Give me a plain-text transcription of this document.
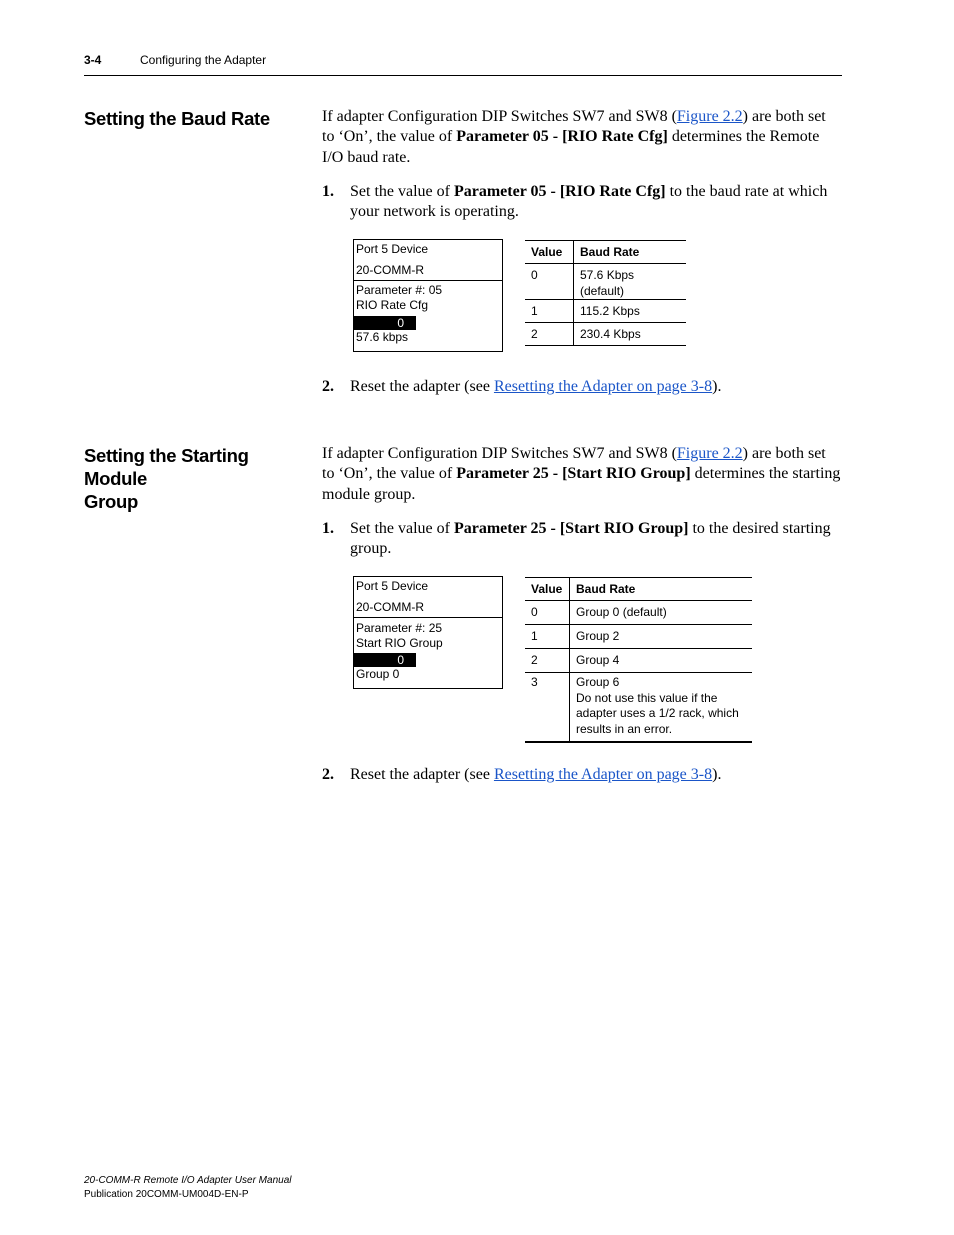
3-4	Configuring the Adapter
Setting the Baud Rate	If adapter Configuration DIP Switches SW7 and SW8 (Figure 2.2) are both set to ‘On’, the value of Parameter 05 - [RIO Rate Cfg] determines the Remote I/O baud rate.

1. Set the value of Parameter 05 - [RIO Rate Cfg] to the baud rate at which your network is operating.
Port 5 Device
20-COMM-R
Parameter #: 05
RIO Rate Cfg
0
57.6 kbps
Value	Baud Rate
0	57.6 Kbps (default)
1	115.2 Kbps
2	230.4 Kbps
2. Reset the adapter (see Resetting the Adapter on page 3-8).
Setting the Starting Module
Group

If adapter Configuration DIP Switches SW7 and SW8 (Figure 2.2) are both set to ‘On’, the value of Parameter 25 - [Start RIO Group] determines the starting module group.

1. Set the value of Parameter 25 - [Start RIO Group] to the desired starting group.
Port 5 Device
20-COMM-R
Parameter #: 25
Start RIO Group
0
Group 0
Value	Baud Rate
0	Group 0 (default)
1	Group 2
2	Group 4
3	Group 6
Do not use this value if the adapter uses a 1/2 rack, which results in an error.
2. Reset the adapter (see Resetting the Adapter on page 3-8).
20-COMM-R Remote I/O Adapter User Manual
Publication 20COMM-UM004D-EN-P
